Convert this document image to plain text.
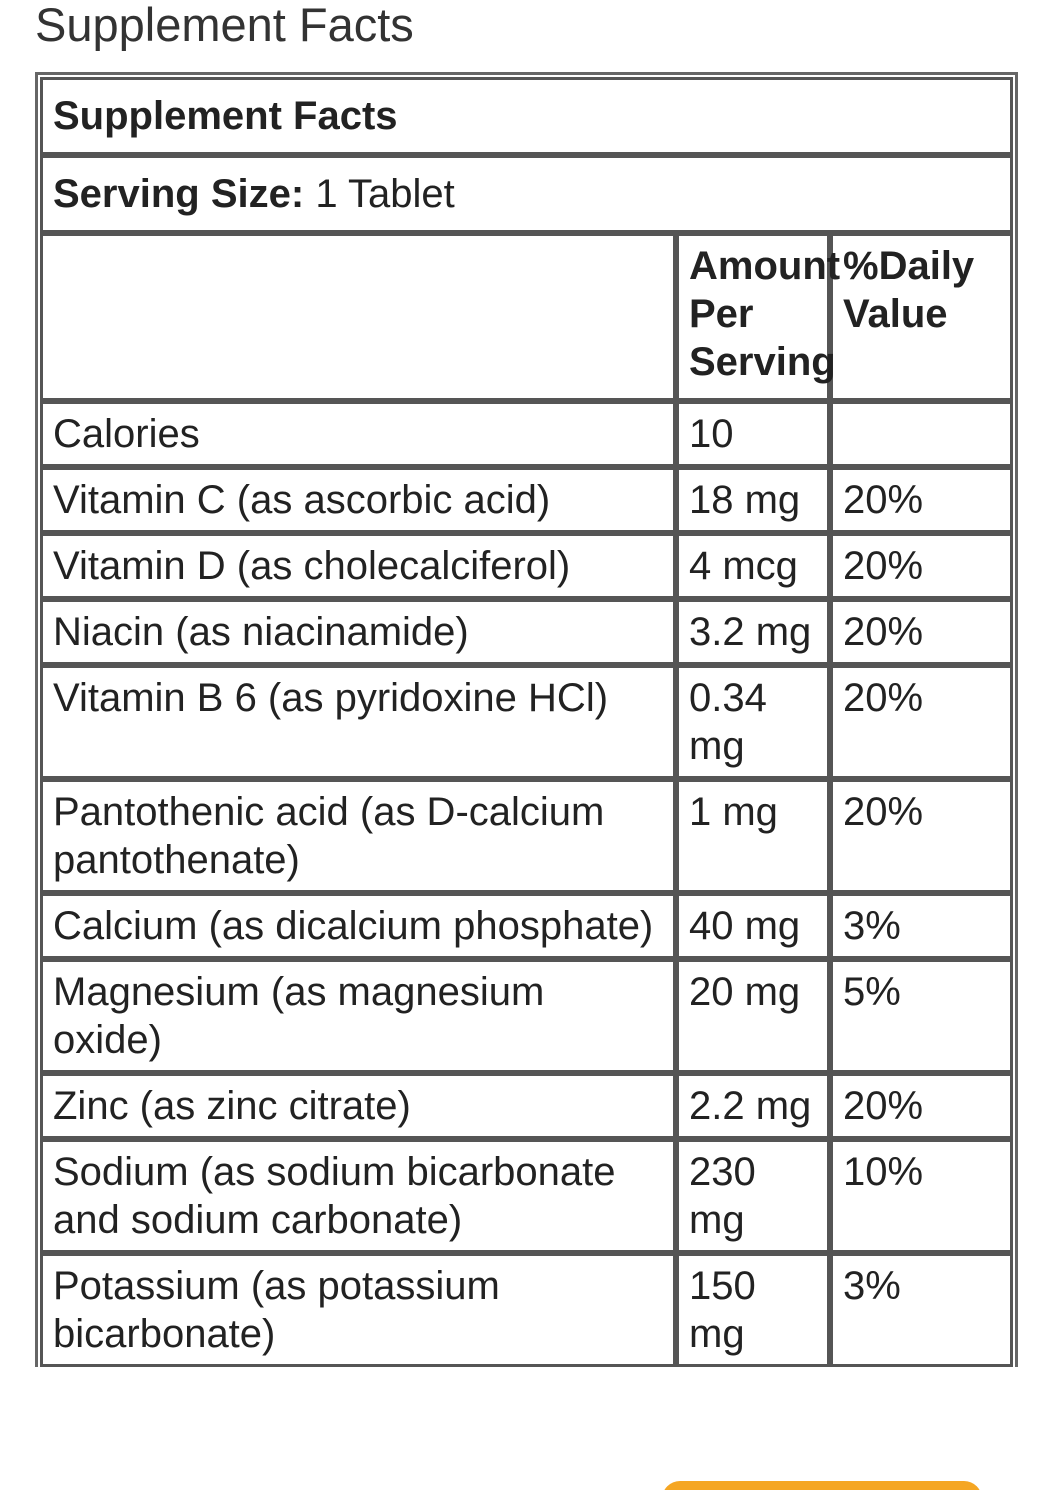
Supplement Facts
Supplement Facts		
Serving Size: 1 Tablet		
	Amount Per Serving	%Daily Value
Calories	10	
Vitamin C (as ascorbic acid)	18 mg	20%
Vitamin D (as cholecalciferol)	4 mcg	20%
Niacin (as niacinamide)	3.2 mg	20%
Vitamin B 6 (as pyridoxine HCl)	0.34 mg	20%
Pantothenic acid (as D-calcium pantothenate)	1 mg	20%
Calcium (as dicalcium phosphate)	40 mg	3%
Magnesium (as magnesium oxide)	20 mg	5%
Zinc (as zinc citrate)	2.2 mg	20%
Sodium (as sodium bicarbonate and sodium carbonate)	230 mg	10%
Potassium (as potassium bicarbonate)	150 mg	3%
